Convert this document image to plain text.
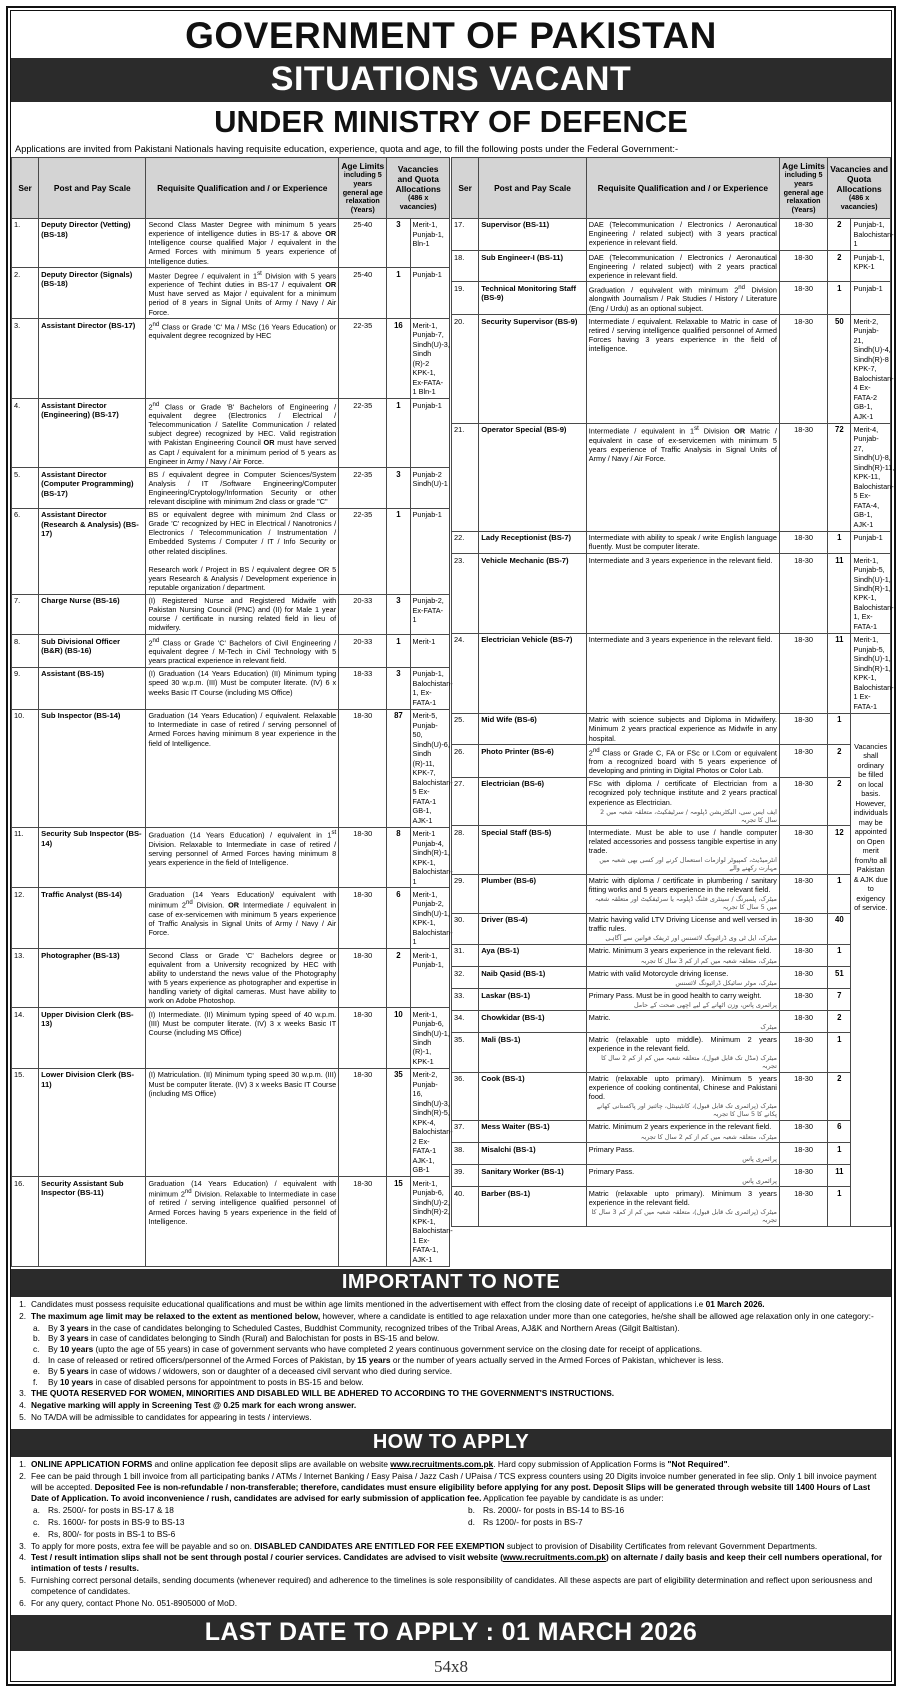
GOVERNMENT OF PAKISTAN
SITUATIONS VACANT
UNDER MINISTRY OF DEFENCE
Applications are invited from Pakistani Nationals having requisite education, experience, quota and age, to fill the following posts under the Federal Government:-
Ser	Post and Pay Scale	Requisite Qualification and / or Experience	Age Limits
including 5 years general age relaxation (Years)	Vacancies and Quota Allocations
(486 x vacancies)	

1.	Deputy Director (Vetting) (BS-18)	Second Class Master Degree with minimum 5 years experience of intelligence duties in BS-17 & above OR Intelligence course qualified Major / equivalent in the Armed Forces with minimum 5 years experience of Intelligence duties.	25-40	3	Merit-1, Punjab-1, Bln-1
2.	Deputy Director (Signals) (BS-18)	Master Degree / equivalent in 1st Division with 5 years experience of Techint duties in BS-17 / equivalent OR Must have served as Major / equivalent for a minimum period of 8 years in Signal Units of Army / Navy / Air Force.	25-40	1	Punjab-1
3.	Assistant Director (BS-17)	2nd Class or Grade 'C' Ma / MSc (16 Years Education) or equivalent degree recognized by HEC	22-35	16	Merit-1, Punjab-7, Sindh(U)-3, Sindh (R)-2 KPK-1, Ex-FATA-1 Bln-1
4.	Assistant Director (Engineering) (BS-17)	2nd Class or Grade 'B' Bachelors of Engineering / equivalent degree (Electronics / Electrical / Telecommunication / Satellite Communication / related subject degree) recognized by HEC. Valid registration with Pakistan Engineering Council OR must have served as Capt / equivalent for a minimum period of 5 years as Engineer in Army / Navy / Air Force.	22-35	1	Punjab-1
5.	Assistant Director (Computer Programming) (BS-17)	BS / equivalent degree in Computer Sciences/System Analysis / IT /Software Engineering/Computer Engineering/Cryptology/Information Security or other relevant discipline with minimum 2nd class or grade "C"	22-35	3	Punjab-2 Sindh(U)-1
6.	Assistant Director (Research & Analysis) (BS-17)	BS or equivalent degree with minimum 2nd Class or Grade 'C' recognized by HEC in Electrical / Nanotronics / Electronics / Telecommunication / Instrumentation / Embedded Systems / Computer / IT / Info Security or other related disciplines.

Research work / Project in BS / equivalent degree OR 5 years Research & Analysis / Development experience in reputable organization / department.	22-35	1	Punjab-1
7.	Charge Nurse (BS-16)	(I) Registered Nurse and Registered Midwife with Pakistan Nursing Council (PNC) and (II) for Male 1 year course / certificate in nursing related field in lieu of midwifery.	20-33	3	Punjab-2, Ex-FATA-1
8.	Sub Divisional Officer (B&R) (BS-16)	2nd Class or Grade 'C' Bachelors of Civil Engineering / equivalent degree / M-Tech in Civil Technology with 5 years practical experience in relevant field.	20-33	1	Merit-1
9.	Assistant (BS-15)	(I) Graduation (14 Years Education) (II) Minimum typing speed 30 w.p.m. (III) Must be computer literate. (IV) 6 x weeks Basic IT Course (including MS Office)	18-33	3	Punjab-1, Balochistan-1, Ex-FATA-1
10.	Sub Inspector (BS-14)	Graduation (14 Years Education) / equivalent. Relaxable to Intermediate in case of retired / serving personnel of Armed Forces having minimum 8 year experience in the field of Intelligence.	18-30	87	Merit-5, Punjab-50, Sindh(U)-6, Sindh (R)-11, KPK-7, Balochistan-5 Ex-FATA-1 GB-1, AJK-1
11.	Security Sub Inspector (BS-14)	Graduation (14 Years Education) / equivalent in 1st Division. Relaxable to Intermediate in case of retired / serving personnel of Armed Forces having minimum 8 years experience in the field of Intelligence.	18-30	8	Merit-1 Punjab-4, Sindh(R)-1, KPK-1, Balochistan-1
12.	Traffic Analyst (BS-14)	Graduation (14 Years Education)/ equivalent with minimum 2nd Division. OR Intermediate / equivalent in case of ex-servicemen with minimum 5 years experience of Traffic Analysis in Signal Units of Army / Navy / Air Force.	18-30	6	Merit-1, Punjab-2, Sindh(U)-1, KPK-1, Balochistan-1
13.	Photographer (BS-13)	Second Class or Grade 'C' Bachelors degree or equivalent from a University recognized by HEC with ability to understand the news value of the Photography with 5 years experience as photographer and expertise in handling variety of digital cameras. Must have ability to work on Adobe Photoshop.	18-30	2	Merit-1, Punjab-1,
14.	Upper Division Clerk (BS-13)	(I) Intermediate. (II) Minimum typing speed of 40 w.p.m. (III) Must be computer literate. (IV) 3 x weeks Basic IT Course (including MS Office)	18-30	10	Merit-1, Punjab-6, Sindh(U)-1, Sindh (R)-1, KPK-1
15.	Lower Division Clerk (BS-11)	(I) Matriculation. (II) Minimum typing speed 30 w.p.m. (III) Must be computer literate. (IV) 3 x weeks Basic IT Course (including MS Office)	18-30	35	Merit-2, Punjab-16, Sindh(U)-3, Sindh(R)-5, KPK-4, Balochistan-2 Ex-FATA-1 AJK-1, GB-1
16.	Security Assistant Sub Inspector (BS-11)	Graduation (14 Years Education) / equivalent with minimum 2nd Division. Relaxable to Intermediate in case of retired / serving intelligence qualified personnel of Armed Forces having 5 years experience in the field of Intelligence.	18-30	15	Merit-1, Punjab-6, Sindh(U)-2, Sindh(R)-2, KPK-1, Balochistan-1 Ex-FATA-1, AJK-1
Ser	Post and Pay Scale	Requisite Qualification and / or Experience	Age Limits
including 5 years general age relaxation (Years)	Vacancies and Quota Allocations
(486 x vacancies)	

17.	Supervisor (BS-11)	DAE (Telecommunication / Electronics / Aeronautical Engineering / related subject) with 3 years practical experience in relevant field.	18-30	2	Punjab-1, Balochistan-1
18.	Sub Engineer-I (BS-11)	DAE (Telecommunication / Electronics / Aeronautical Engineering / related subject) with 2 years practical experience in relevant field.	18-30	2	Punjab-1, KPK-1
19.	Technical Monitoring Staff (BS-9)	Graduation / equivalent with minimum 2nd Division alongwith Journalism / Pak Studies / History / Literature (Eng / Urdu) as an optional subject.	18-30	1	Punjab-1
20.	Security Supervisor (BS-9)	Intermediate / equivalent. Relaxable to Matric in case of retired / serving intelligence qualified personnel of Armed Forces having 3 years experience in the field of intelligence.	18-30	50	Merit-2, Punjab-21, Sindh(U)-4, Sindh(R)-8 KPK-7, Balochistan-4 Ex-FATA-2 GB-1, AJK-1
21.	Operator Special (BS-9)	Intermediate / equivalent in 1st Division OR Matric / equivalent in case of ex-servicemen with minimum 5 years experience of Traffic Analysis in Signal Units of Army / Navy / Air Force.	18-30	72	Merit-4, Punjab-27, Sindh(U)-8, Sindh(R)-11, KPK-11, Balochistan-5 Ex-FATA-4, GB-1, AJK-1
22.	Lady Receptionist (BS-7)	Intermediate with ability to speak / write English language fluently. Must be computer literate.	18-30	1	Punjab-1
23.	Vehicle Mechanic (BS-7)	Intermediate and 3 years experience in the relevant field.	18-30	11	Merit-1, Punjab-5, Sindh(U)-1, Sindh(R)-1, KPK-1, Balochistan-1, Ex-FATA-1
24.	Electrician Vehicle (BS-7)	Intermediate and 3 years experience in the relevant field.	18-30	11	Merit-1, Punjab-5, Sindh(U)-1, Sindh(R)-1, KPK-1, Balochistan-1 Ex-FATA-1
25.	Mid Wife (BS-6)	Matric with science subjects and Diploma in Midwifery. Minimum 2 years practical experience as Midwife in any hospital.	18-30	1	Vacancies shall ordinary be filled on local basis. However, individuals may be appointed on Open merit from/to all Pakistan & AJK due to exigency of service.
26.	Photo Printer (BS-6)	2nd Class or Grade C, FA or FSc or I.Com or equivalent from a recognized board with 5 years experience of developing and printing in Digital Photos or Color Lab.	18-30	2	
27.	Electrician (BS-6)	FSc with diploma / certificate of Electrician from a recognized poly technique institute and 2 years practical experience as Electrician.
ایف ایس سی، الیکٹریشن ڈپلومہ / سرٹیفکیٹ، متعلقہ شعبہ میں 2 سال کا تجربہ	18-30	2	
28.	Special Staff (BS-5)	Intermediate. Must be able to use / handle computer related accessories and possess tangible expertise in any trade.
انٹرمیڈیٹ، کمپیوٹر لوازمات استعمال کرنے اور کسی بھی شعبہ میں مہارت رکھنے والے	18-30	12	
29.	Plumber (BS-6)	Matric with diploma / certificate in plumbering / sanitary fitting works and 5 years experience in the relevant field.
میٹرک، پلمبرنگ / سینٹری فٹنگ ڈپلومہ یا سرٹیفکیٹ اور متعلقہ شعبہ میں 5 سال کا تجربہ	18-30	1	
30.	Driver (BS-4)	Matric having valid LTV Driving License and well versed in traffic rules.
میٹرک، ایل ٹی وی ڈرائیونگ لائسنس اور ٹریفک قوانین سے آگاہی	18-30	40	
31.	Aya (BS-1)	Matric. Minimum 3 years experience in the relevant field.
میٹرک، متعلقہ شعبہ میں کم از کم 3 سال کا تجربہ	18-30	1	
32.	Naib Qasid (BS-1)	Matric with valid Motorcycle driving license.
میٹرک، موٹر سائیکل ڈرائیونگ لائسنس	18-30	51	
33.	Laskar (BS-1)	Primary Pass. Must be in good health to carry weight.
پرائمری پاس، وزن اٹھانے کے لیے اچھی صحت کے حامل	18-30	7	
34.	Chowkidar (BS-1)	Matric.
میٹرک	18-30	2	
35.	Mali (BS-1)	Matric (relaxable upto middle). Minimum 2 years experience in the relevant field.
میٹرک (مڈل تک قابل قبول)، متعلقہ شعبہ میں کم از کم 2 سال کا تجربہ	18-30	1	
36.	Cook (BS-1)	Matric (relaxable upto primary). Minimum 5 years experience of cooking continental, Chinese and Pakistani food.
میٹرک (پرائمری تک قابل قبول)، کانٹینینٹل، چائنیز اور پاکستانی کھانے پکانے کا 5 سال کا تجربہ	18-30	2	
37.	Mess Waiter (BS-1)	Matric. Minimum 2 years experience in the relevant field.
میٹرک، متعلقہ شعبہ میں کم از کم 2 سال کا تجربہ	18-30	6	
38.	Misalchi (BS-1)	Primary Pass.
پرائمری پاس	18-30	1	
39.	Sanitary Worker (BS-1)	Primary Pass.
پرائمری پاس	18-30	11	
40.	Barber (BS-1)	Matric (relaxable upto primary). Minimum 3 years experience in the relevant field.
میٹرک (پرائمری تک قابل قبول)، متعلقہ شعبہ میں کم از کم 3 سال کا تجربہ	18-30	1	
IMPORTANT TO NOTE
1. Candidates must possess requisite educational qualifications and must be within age limits mentioned in the advertisement with effect from the closing date of receipt of applications i.e 01 March 2026.
2. The maximum age limit may be relaxed to the extent as mentioned below, however, where a candidate is entitled to age relaxation under more than one categories, he/she shall be allowed age relaxation only in one category:-
a. By 3 years in the case of candidates belonging to Scheduled Castes, Buddhist Community, recognized tribes of the Tribal Areas, AJ&K and Northern Areas (Gilgit Baltistan).
b. By 3 years in case of candidates belonging to Sindh (Rural) and Balochistan for posts in BS-15 and below.
c.	By 10 years (upto the age of 55 years) in case of government servants who have completed 2 years continuous government service on the closing date for receipt of applications.
d. In case of released or retired officers/personnel of the Armed Forces of Pakistan, by 15 years or the number of years actually served in the Armed Forces of Pakistan, whichever is less.
e. By 5 years in case of widows / widowers, son or daughter of a deceased civil servant who died during service.
f.	By 10 years in case of disabled persons for appointment to posts in BS-15 and below.
3. THE QUOTA RESERVED FOR WOMEN, MINORITIES AND DISABLED WILL BE ADHERED TO ACCORDING TO THE GOVERNMENT'S INSTRUCTIONS.
4. Negative marking will apply in Screening Test @ 0.25 mark for each wrong answer.
5. No TA/DA will be admissible to candidates for appearing in tests / interviews.
HOW TO APPLY
1. ONLINE APPLICATION FORMS and online application fee deposit slips are available on website www.recruitments.com.pk. Hard copy submission of Application Forms is "Not Required".
2. Fee can be paid through 1 bill invoice from all participating banks / ATMs / Internet Banking / Easy Paisa / Jazz Cash / UPaisa / TCS express counters using 20 Digits invoice number generated in fee slip. Only 1 bill invoice payment will be accepted. Deposited Fee is non-refundable / non-transferable; therefore, candidates must ensure eligibility before applying for any post. Deposit Slips will be generated through website till 1400 Hours of Last Date of Application. To avoid inconvenience / rush, candidates are advised for early submission of application fee. Application fee payable by candidate is as under:
a. Rs. 2500/- for posts in BS-17 & 18	b. Rs. 2000/- for posts in BS-14 to BS-16
c.	Rs. 1600/- for posts in BS-9 to BS-13	d. Rs 1200/- for posts in BS-7
e. Rs, 800/- for posts in BS-1 to BS-6
3. To apply for more posts, extra fee will be payable and so on. DISABLED CANDIDATES ARE ENTITLED FOR FEE EXEMPTION subject to provision of Disability Certificates from relevant Government Departments.
4. Test / result intimation slips shall not be sent through postal / courier services. Candidates are advised to visit website (www.recruitments.com.pk) on alternate / daily basis and keep their cell numbers operational, for intimation of tests / results.
5. Furnishing correct personal details, sending documents (whenever required) and adherence to the timelines is sole responsibility of candidates. All these aspects are part of eligibility determination and reflect upon seriousness and competence of candidates.
6. For any query, contact Phone No. 051-8905000 of MoD.
LAST DATE TO APPLY : 01 MARCH 2026
54x8
